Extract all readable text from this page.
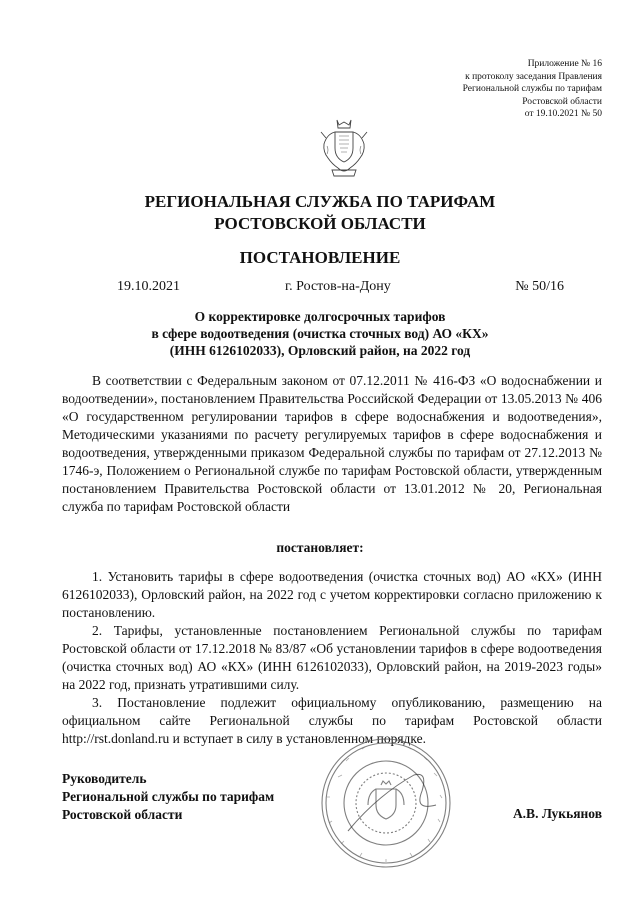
Приложение № 16
к протоколу заседания Правления
Региональной службы по тарифам
Ростовской области
от 19.10.2021 № 50
РЕГИОНАЛЬНАЯ СЛУЖБА ПО ТАРИФАМ
РОСТОВСКОЙ ОБЛАСТИ
ПОСТАНОВЛЕНИЕ
19.10.2021	г. Ростов-на-Дону	№ 50/16
О корректировке долгосрочных тарифов
в сфере водоотведения (очистка сточных вод) АО «КХ»
(ИНН 6126102033), Орловский район, на 2022 год

В соответствии с Федеральным законом от 07.12.2011 № 416-ФЗ «О водоснабжении и водоотведении», постановлением Правительства Российской Федерации от 13.05.2013 № 406 «О государственном регулировании тарифов в сфере водоснабжения и водоотведения», Методическими указаниями по расчету регулируемых тарифов в сфере водоснабжения и водоотведения, утвержденными приказом Федеральной службы по тарифам от 27.12.2013 № 1746-э, Положением о Региональной службе по тарифам Ростовской области, утвержденным постановлением Правительства Ростовской области от 13.01.2012 № 20, Региональная служба по тарифам Ростовской области

постановляет:

1. Установить тарифы в сфере водоотведения (очистка сточных вод) АО «КХ» (ИНН 6126102033), Орловский район, на 2022 год с учетом корректировки согласно приложению к постановлению.

2. Тарифы, установленные постановлением Региональной службы по тарифам Ростовской области от 17.12.2018 № 83/87 «Об установлении тарифов в сфере водоотведения (очистка сточных вод) АО «КХ» (ИНН 6126102033), Орловский район, на 2019-2023 годы» на 2022 год, признать утратившими силу.

3. Постановление подлежит официальному опубликованию, размещению на официальном сайте Региональной службы по тарифам Ростовской области http://rst.donland.ru и вступает в силу в установленном порядке.

Руководитель
Региональной службы по тарифам
Ростовской области	А.В. Лукьянов
